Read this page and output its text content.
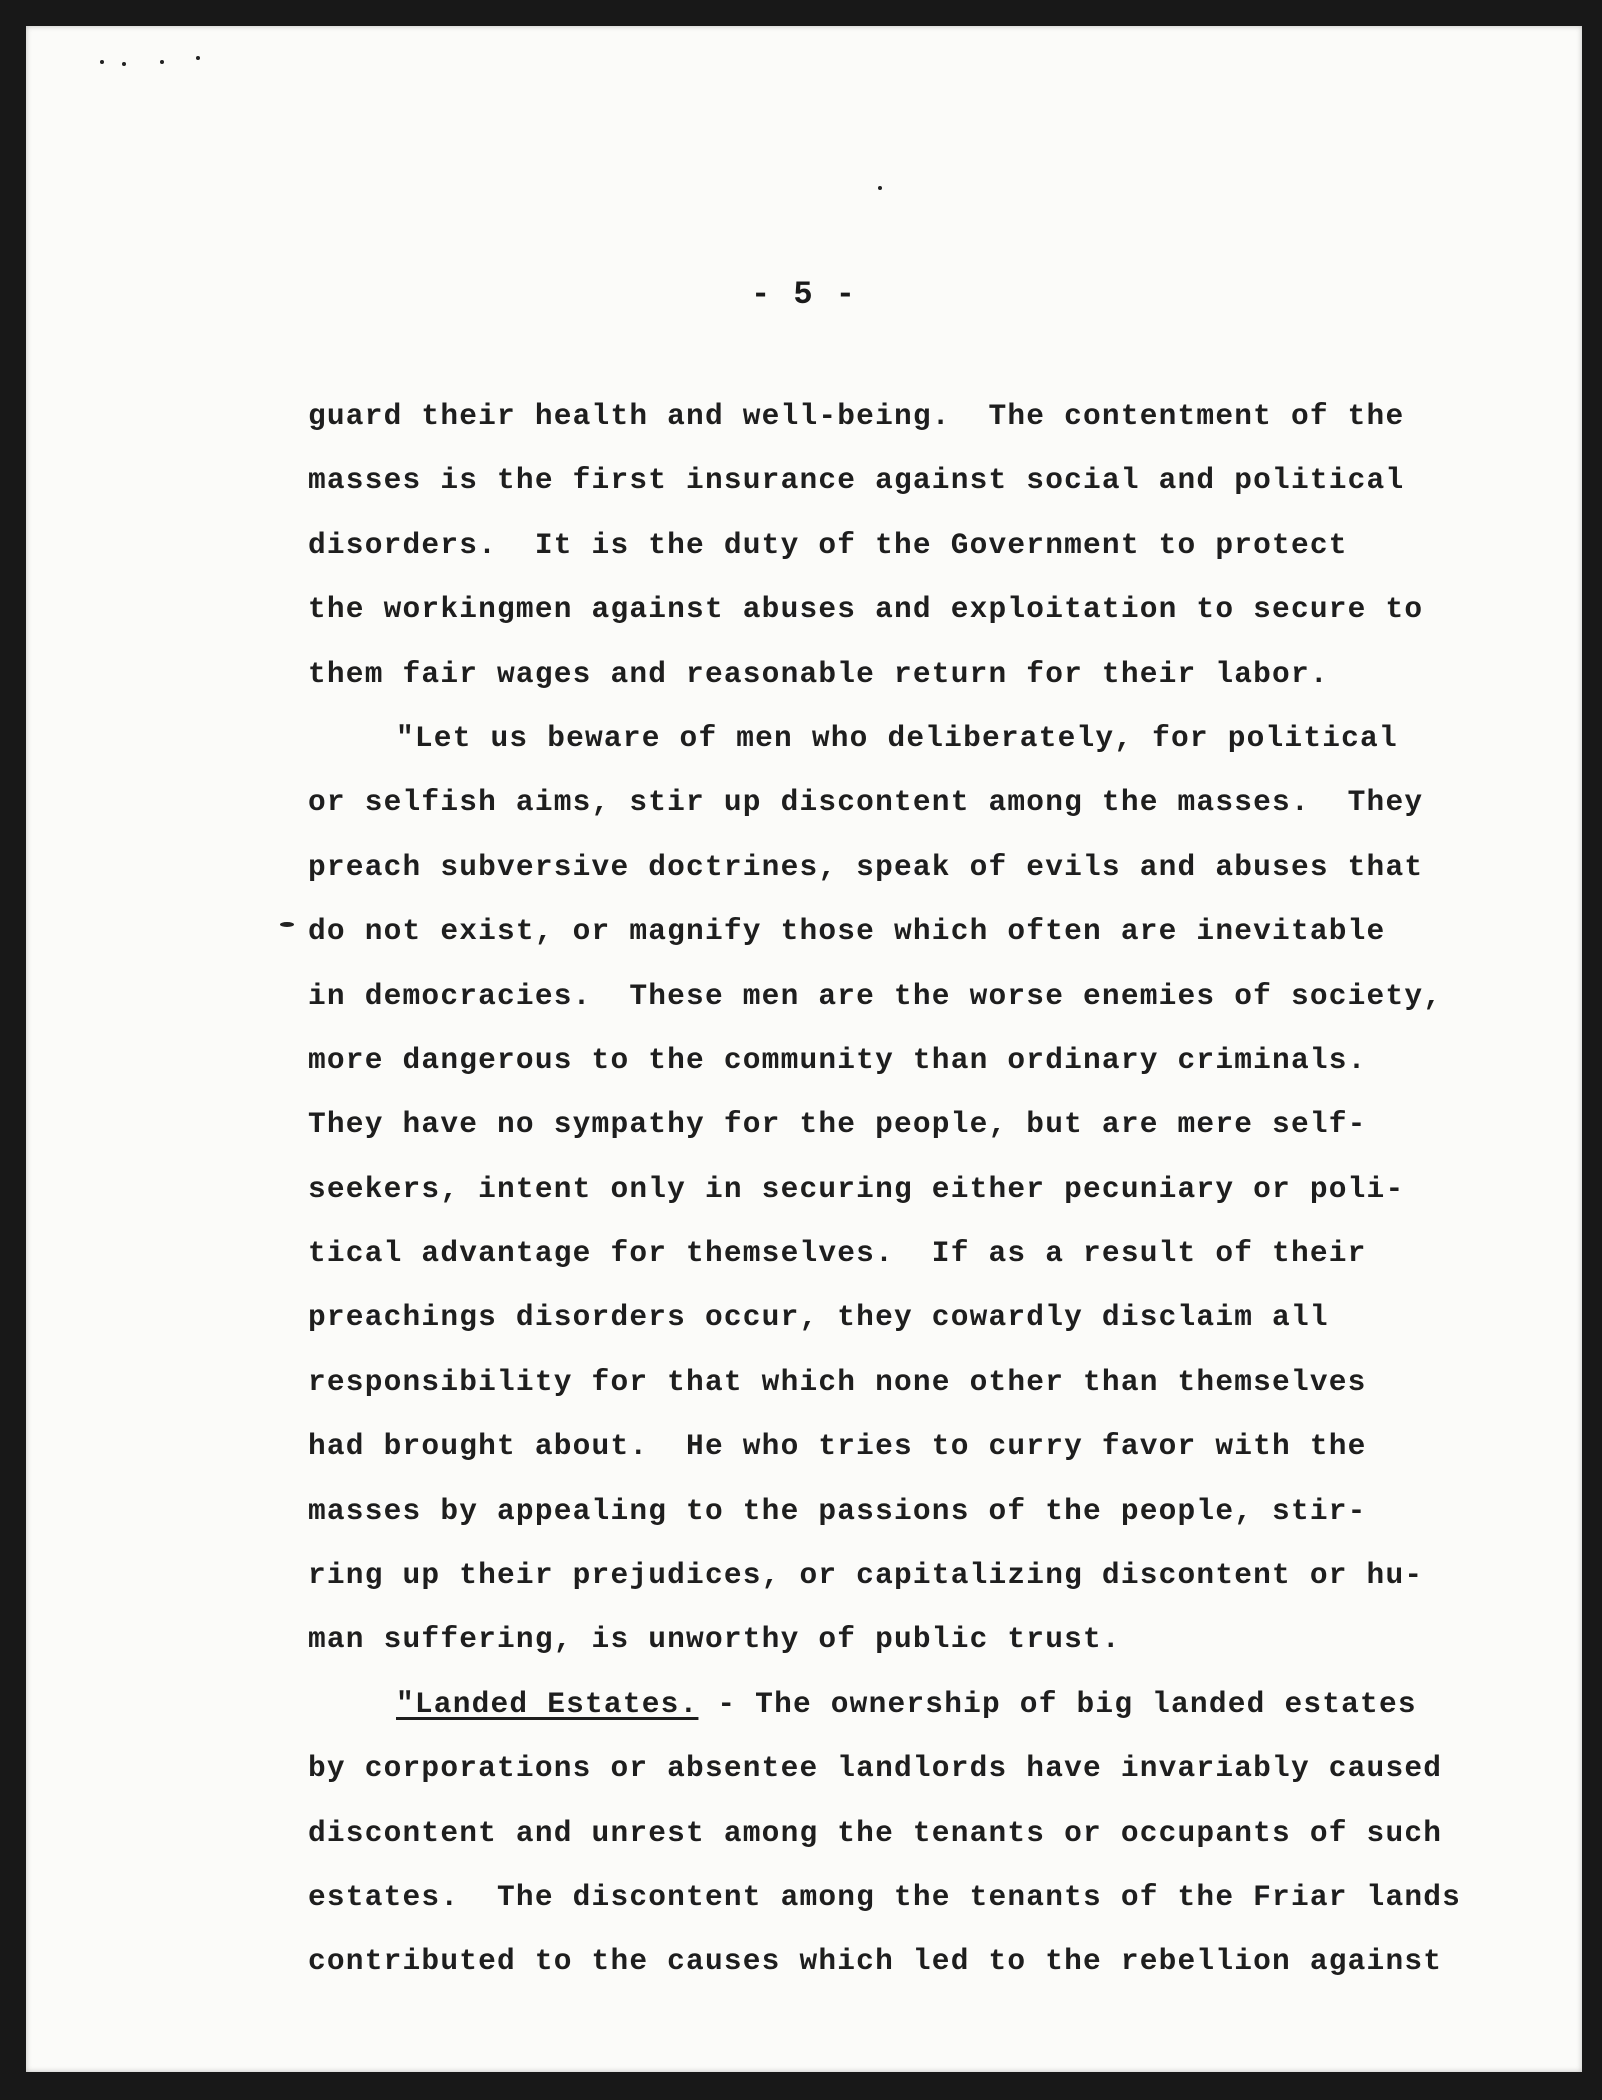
- 5 -
guard their health and well-being.  The contentment of the
masses is the first insurance against social and political
disorders.  It is the duty of the Government to protect
the workingmen against abuses and exploitation to secure to
them fair wages and reasonable return for their labor.
"Let us beware of men who deliberately, for political
or selfish aims, stir up discontent among the masses.  They
preach subversive doctrines, speak of evils and abuses that
do not exist, or magnify those which often are inevitable
in democracies.  These men are the worse enemies of society,
more dangerous to the community than ordinary criminals.
They have no sympathy for the people, but are mere self-
seekers, intent only in securing either pecuniary or poli-
tical advantage for themselves.  If as a result of their
preachings disorders occur, they cowardly disclaim all
responsibility for that which none other than themselves
had brought about.  He who tries to curry favor with the
masses by appealing to the passions of the people, stir-
ring up their prejudices, or capitalizing discontent or hu-
man suffering, is unworthy of public trust.
"Landed Estates. - The ownership of big landed estates
by corporations or absentee landlords have invariably caused
discontent and unrest among the tenants or occupants of such
estates.  The discontent among the tenants of the Friar lands
contributed to the causes which led to the rebellion against
